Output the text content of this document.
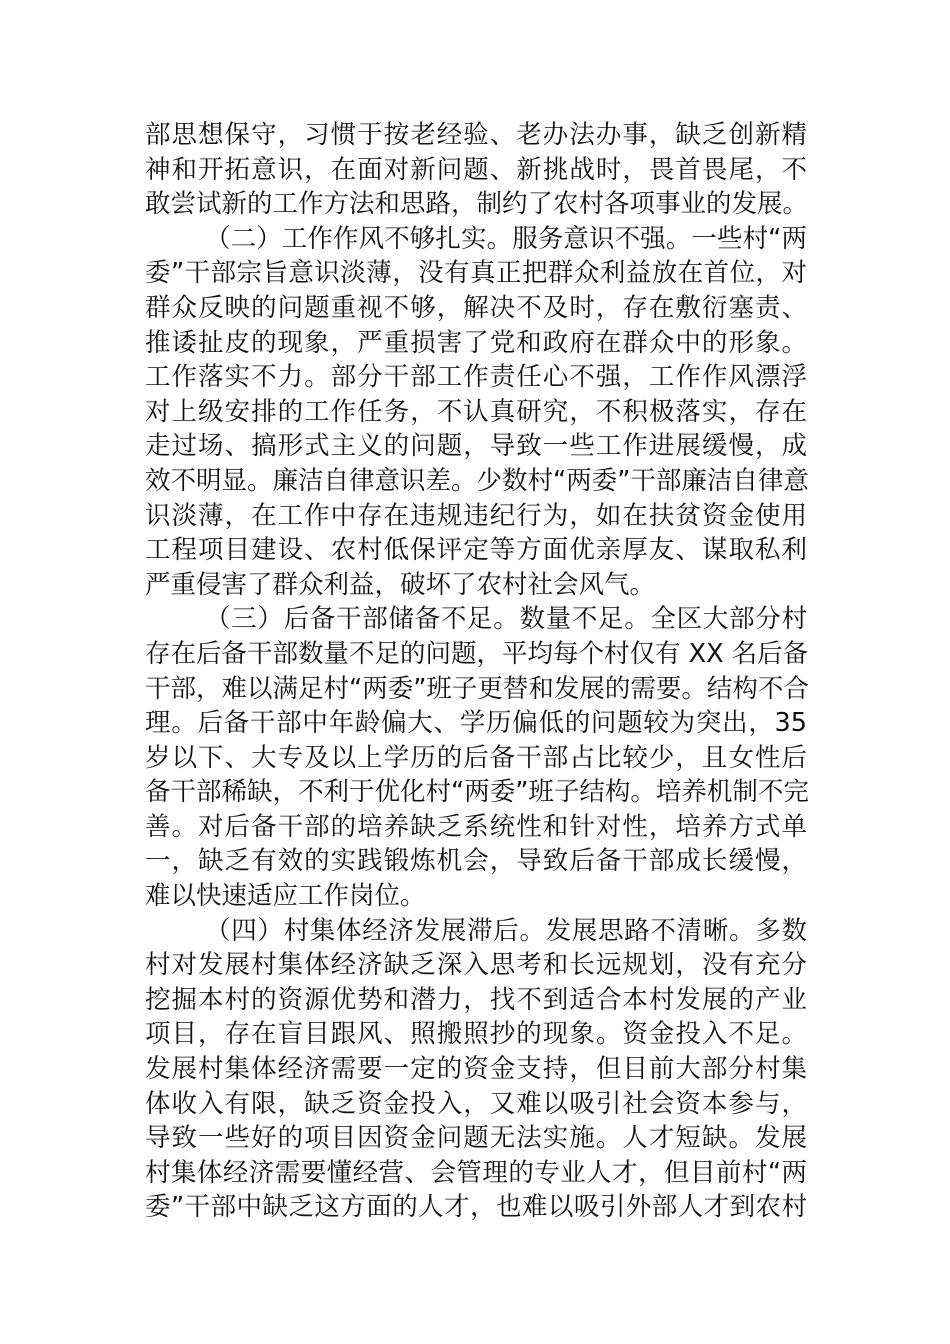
部思想保守，习惯于按老经验、老办法办事，缺乏创新精
神和开拓意识，在面对新问题、新挑战时，畏首畏尾，不
敢尝试新的工作方法和思路，制约了农村各项事业的发展。
（二）工作作风不够扎实。服务意识不强。一些村“两
委”干部宗旨意识淡薄，没有真正把群众利益放在首位，对
群众反映的问题重视不够，解决不及时，存在敷衍塞责、
推诿扯皮的现象，严重损害了党和政府在群众中的形象。
工作落实不力。部分干部工作责任心不强，工作作风漂浮
对上级安排的工作任务，不认真研究，不积极落实，存在
走过场、搞形式主义的问题，导致一些工作进展缓慢，成
效不明显。廉洁自律意识差。少数村“两委”干部廉洁自律意
识淡薄，在工作中存在违规违纪行为，如在扶贫资金使用
工程项目建设、农村低保评定等方面优亲厚友、谋取私利
严重侵害了群众利益，破坏了农村社会风气。
（三）后备干部储备不足。数量不足。全区大部分村
存在后备干部数量不足的问题，平均每个村仅有 XX 名后备
干部，难以满足村“两委”班子更替和发展的需要。结构不合
理。后备干部中年龄偏大、学历偏低的问题较为突出，35
岁以下、大专及以上学历的后备干部占比较少，且女性后
备干部稀缺，不利于优化村“两委”班子结构。培养机制不完
善。对后备干部的培养缺乏系统性和针对性，培养方式单
一，缺乏有效的实践锻炼机会，导致后备干部成长缓慢，
难以快速适应工作岗位。
（四）村集体经济发展滞后。发展思路不清晰。多数
村对发展村集体经济缺乏深入思考和长远规划，没有充分
挖掘本村的资源优势和潜力，找不到适合本村发展的产业
项目，存在盲目跟风、照搬照抄的现象。资金投入不足。
发展村集体经济需要一定的资金支持，但目前大部分村集
体收入有限，缺乏资金投入，又难以吸引社会资本参与，
导致一些好的项目因资金问题无法实施。人才短缺。发展
村集体经济需要懂经营、会管理的专业人才，但目前村“两
委”干部中缺乏这方面的人才，也难以吸引外部人才到农村
